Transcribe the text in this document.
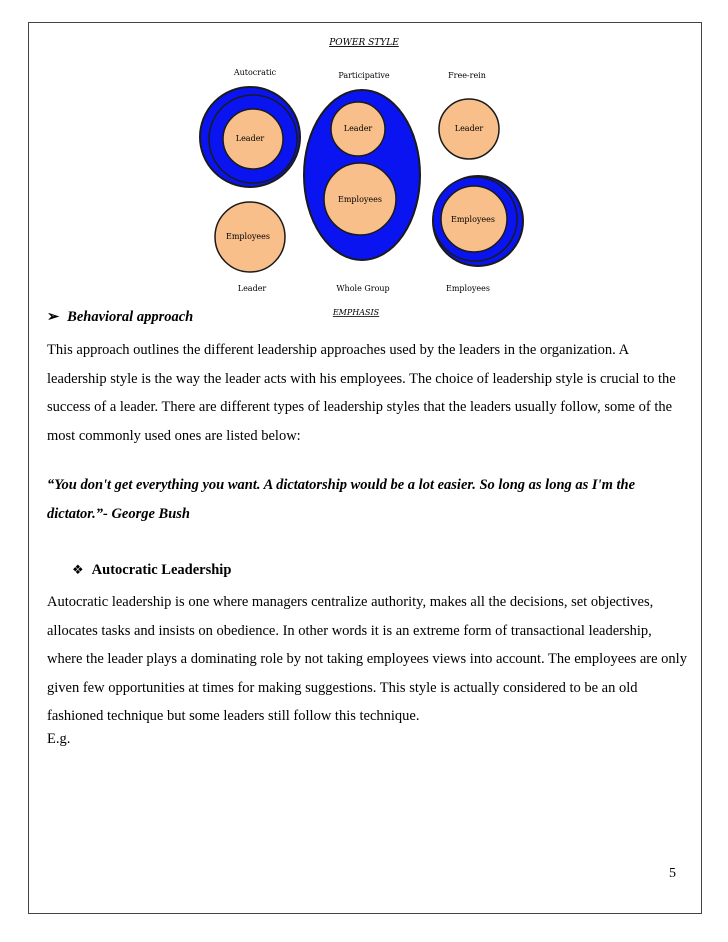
POWER STYLE
Autocratic	Participative	Free-rein
Leader
Employees
Leader
Employees
Leader
Employees
Leader	Whole Group	Employees
EMPHASIS
➢ Behavioral approach
This approach outlines the different leadership approaches used by the leaders in the organization. A leadership style is the way the leader acts with his employees. The choice of leadership style is crucial to the success of a leader. There are different types of leadership styles that the leaders usually follow, some of the most commonly used ones are listed below:
“You don't get everything you want. A dictatorship would be a lot easier. So long as long as I'm the dictator.”- George Bush
❖ Autocratic Leadership
Autocratic leadership is one where managers centralize authority, makes all the decisions, set objectives, allocates tasks and insists on obedience. In other words it is an extreme form of transactional leadership, where the leader plays a dominating role by not taking employees views into account. The employees are only given few opportunities at times for making suggestions. This style is actually considered to be an old fashioned technique but some leaders still follow this technique.
E.g.
5
